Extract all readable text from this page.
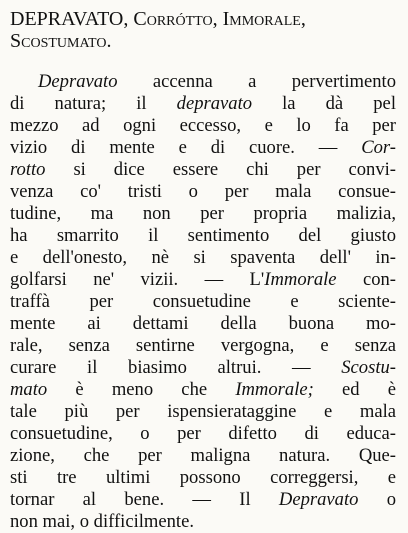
DEPRAVATO, Corrótto, Immorale,
Scostumato.

Depravato accenna a pervertimento
di natura; il depravato la dà pel
mezzo ad ogni eccesso, e lo fa per
vizio di mente e di cuore. — Cor-
rotto si dice essere chi per convi-
venza co' tristi o per mala consue-
tudine, ma non per propria malizia,
ha smarrito il sentimento del giusto
e dell'onesto, nè si spaventa dell' in-
golfarsi ne' vizii. — L'Immorale con-
traffà per consuetudine e sciente-
mente ai dettami della buona mo-
rale, senza sentirne vergogna, e senza
curare il biasimo altrui. — Scostu-
mato è meno che Immorale; ed è
tale più per ispensierataggine e mala
consuetudine, o per difetto di educa-
zione, che per maligna natura. Que-
sti tre ultimi possono correggersi, e
tornar al bene. — Il Depravato o
non mai, o difficilmente.
